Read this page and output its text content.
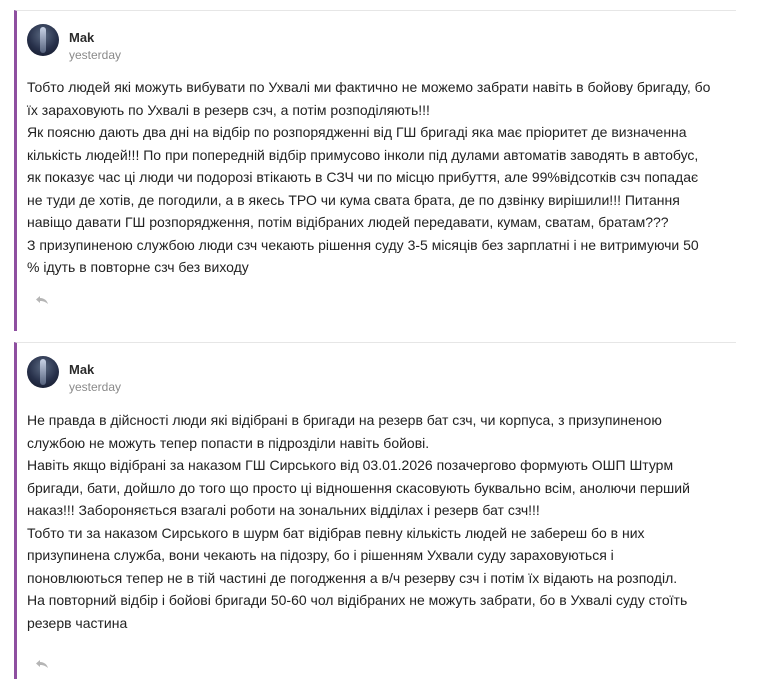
Mak
yesterday

Тобто людей які можуть вибувати по Ухвалі ми фактично не можемо забрати навіть в бойову бригаду, бо

їх зараховують по Ухвалі в резерв сзч, а потім розподіляють!!!

Як поясню дають два дні на відбір по розпорядженні від ГШ бригаді яка має пріоритет де визначенна

кількість людей!!! По при попередній відбір примусово інколи під дулами автоматів заводять в автобус,

як показує час ці люди чи подорозі втікають в СЗЧ чи по місцю прибуття, але 99%відсотків сзч попадає

не туди де хотів, де погодили, а в якесь ТРО чи кума свата брата, де по дзвінку вирішили!!! Питання

навіщо давати ГШ розпорядження, потім відібраних людей передавати, кумам, сватам, братам???

З призупиненою службою люди сзч чекають рішення суду 3-5 місяців без зарплатні і не витримуючи 50

% ідуть в повторне сзч без виходу

Mak
yesterday

Не правда в дійсності люди які відібрані в бригади на резерв бат сзч, чи корпуса, з призупиненою

службою не можуть тепер попасти в підрозділи навіть бойові.

Навіть якщо відібрані за наказом ГШ Сирського від 03.01.2026 позачергово формують ОШП Штурм

бригади, бати, дойшло до того що просто ці відношення скасовують буквально всім, анолючи перший

наказ!!! Забороняється взагалі роботи на зональних відділах і резерв бат сзч!!!

Тобто ти за наказом Сирського в шурм бат відібрав певну кількість людей не забереш бо в них

призупинена служба, вони чекають на підозру, бо і рішенням Ухвали суду зараховуються і

поновлюються тепер не в тій частині де погодження а в/ч резерву сзч і потім їх відають на розподіл.

На повторний відбір і бойові бригади 50-60 чол відібраних не можуть забрати, бо в Ухвалі суду стоїть

резерв частина
